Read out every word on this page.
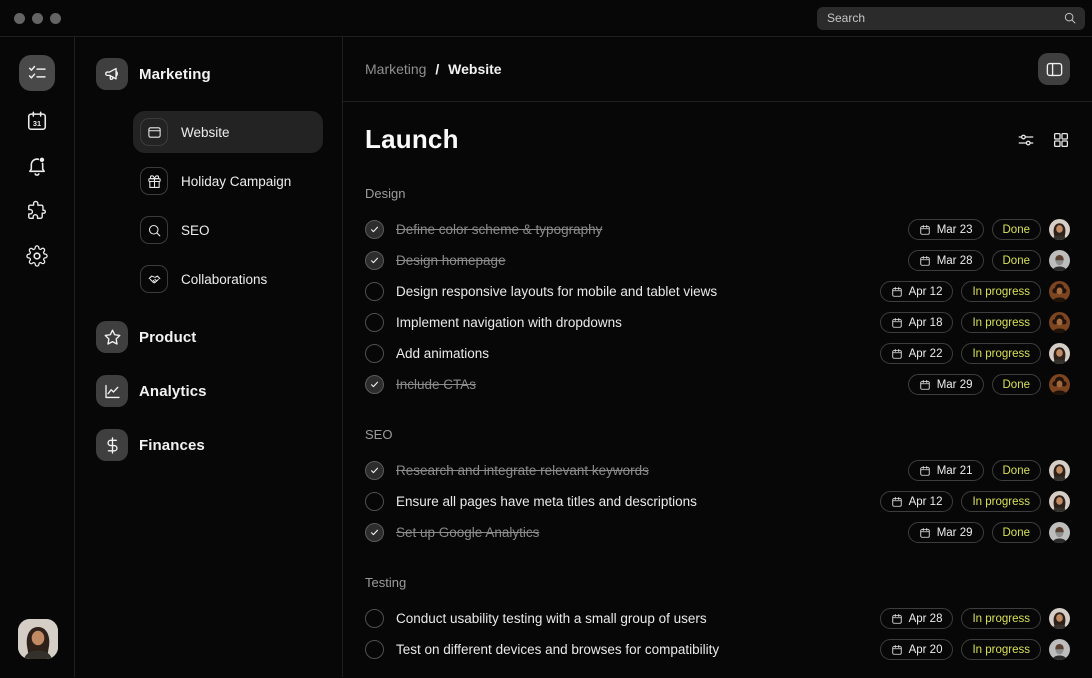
Search
31
Marketing
Website
Holiday Campaign
SEO
Collaborations
Product
Analytics
Finances
Marketing / Website
Launch
Design
Define color scheme & typography	Mar 23	Done
Design homepage	Mar 28	Done
Design responsive layouts for mobile and tablet views	Apr 12	In progress
Implement navigation with dropdowns	Apr 18	In progress
Add animations	Apr 22	In progress
Include CTAs	Mar 29	Done
SEO
Research and integrate relevant keywords	Mar 21	Done
Ensure all pages have meta titles and descriptions	Apr 12	In progress
Set up Google Analytics	Mar 29	Done
Testing
Conduct usability testing with a small group of users	Apr 28	In progress
Test on different devices and browses for compatibility	Apr 20	In progress
